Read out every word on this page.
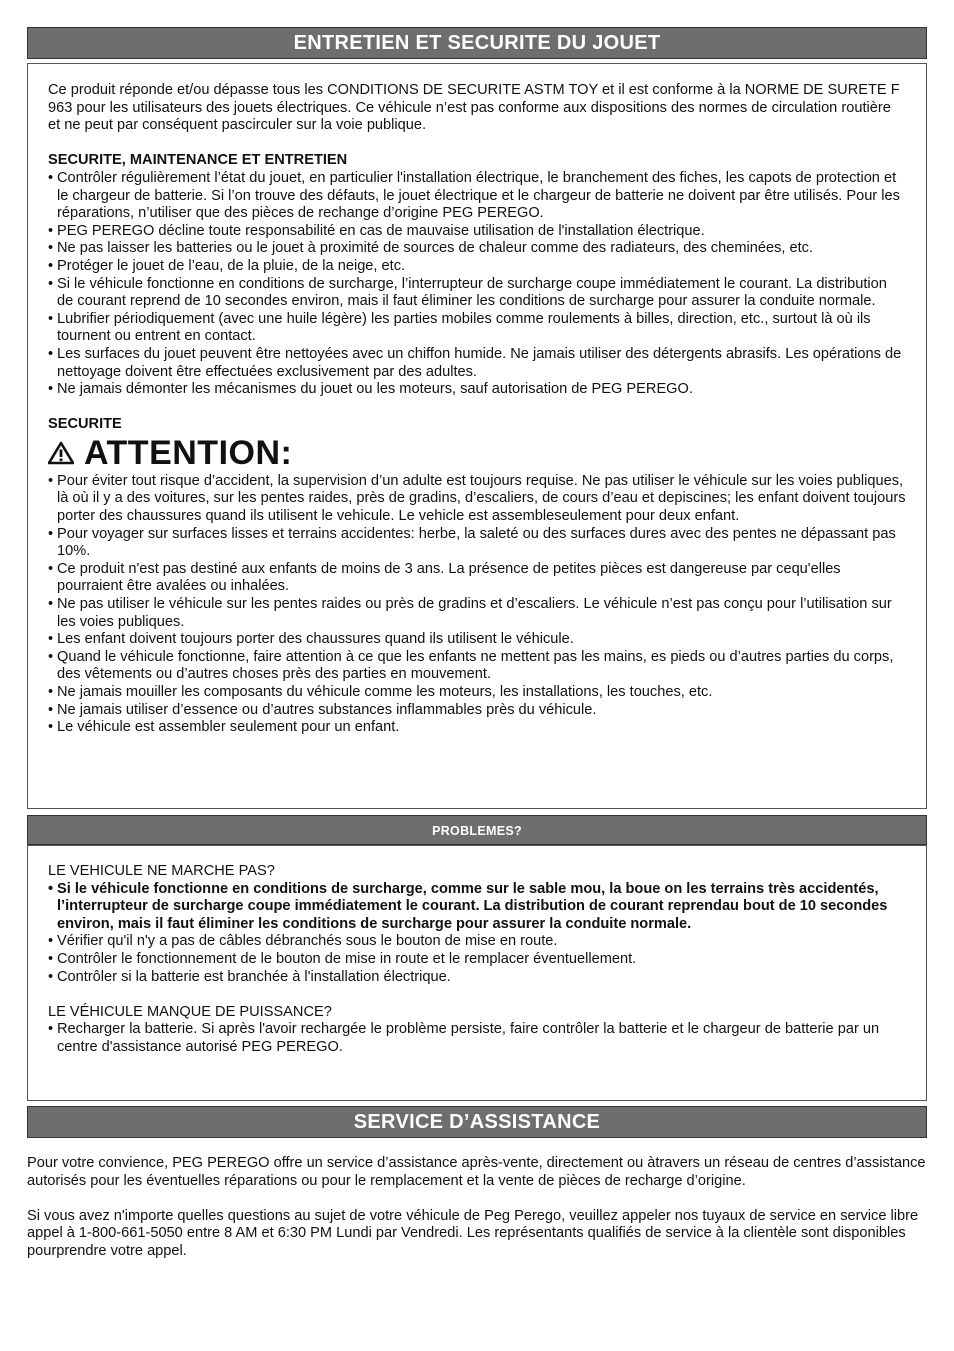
ENTRETIEN ET SECURITE DU JOUET

Ce produit réponde et/ou dépasse tous les CONDITIONS DE SECURITE ASTM TOY et il est conforme à la NORME DE SURETE F 963 pour les utilisateurs des jouets électriques. Ce véhicule n’est pas conforme aux dispositions des normes de circulation routière et ne peut par conséquent pascirculer sur la voie publique.

SECURITE, MAINTENANCE ET ENTRETIEN

• Contrôler régulièrement l’état du jouet, en particulier l'installation électrique, le branchement des fiches, les capots de protection et le chargeur de batterie. Si l’on trouve des défauts, le jouet électrique et le chargeur de batterie ne doivent par être utilisés. Pour les réparations, n’utiliser que des pièces de rechange d’origine PEG PEREGO.
• PEG PEREGO décline toute responsabilité en cas de mauvaise utilisation de l'installation électrique.
• Ne pas laisser les batteries ou le jouet à proximité de sources de chaleur comme des radiateurs, des cheminées, etc.
• Protéger le jouet de l’eau, de la pluie, de la neige, etc.
• Si le véhicule fonctionne en conditions de surcharge, l’interrupteur de surcharge coupe immédiatement le courant. La distribution de courant reprend de 10 secondes environ, mais il faut éliminer les conditions de surcharge pour assurer la conduite normale.
• Lubrifier périodiquement (avec une huile légère) les parties mobiles comme roulements à billes, direction, etc., surtout là où ils tournent ou entrent en contact.
• Les surfaces du jouet peuvent être nettoyées avec un chiffon humide. Ne jamais utiliser des détergents abrasifs. Les opérations de nettoyage doivent être effectuées exclusivement par des adultes.
• Ne jamais démonter les mécanismes du jouet ou les moteurs, sauf autorisation de PEG PEREGO.

SECURITE

ATTENTION:
• Pour éviter tout risque d’accident, la supervision d’un adulte est toujours requise. Ne pas utiliser le véhicule sur les voies publiques, là où il y a des voitures, sur les pentes raides, près de gradins, d’escaliers, de cours d’eau et depiscines; les enfant doivent toujours porter des chaussures quand ils utilisent le vehicule. Le vehicle est assembleseulement pour deux enfant.
• Pour voyager sur surfaces lisses et terrains accidentes: herbe, la saleté ou des surfaces dures avec des pentes ne dépassant pas 10%.
• Ce produit n'est pas destiné aux enfants de moins de 3 ans. La présence de petites pièces est dangereuse par cequ'elles pourraient être avalées ou inhalées.
• Ne pas utiliser le véhicule sur les pentes raides ou près de gradins et d’escaliers. Le véhicule n’est pas conçu pour l’utilisation sur les voies publiques.
• Les enfant doivent toujours porter des chaussures quand ils utilisent le véhicule.
• Quand le véhicule fonctionne, faire attention à ce que les enfants ne mettent pas les mains, es pieds ou d’autres parties du corps, des vêtements ou d’autres choses près des parties en mouvement.
• Ne jamais mouiller les composants du véhicule comme les moteurs, les installations, les touches, etc.
• Ne jamais utiliser d’essence ou d’autres substances inflammables près du véhicule.
• Le véhicule est assembler seulement pour un enfant.
PROBLEMES?

LE VEHICULE NE MARCHE PAS?

• Si le véhicule fonctionne en conditions de surcharge, comme sur le sable mou, la boue on les terrains très accidentés, l’interrupteur de surcharge coupe immédiatement le courant. La distribution de courant reprendau bout de 10 secondes environ, mais il faut éliminer les conditions de surcharge pour assurer la conduite normale.
• Vérifier qu'il n'y a pas de câbles débranchés sous le bouton de mise en route.
• Contrôler le fonctionnement de le bouton de mise in route et le remplacer éventuellement.
• Contrôler si la batterie est branchée à l'installation électrique.

LE VÉHICULE MANQUE DE PUISSANCE?

• Recharger la batterie. Si après l'avoir rechargée le problème persiste, faire contrôler la batterie et le chargeur de batterie par un centre d'assistance autorisé PEG PEREGO.
SERVICE D’ASSISTANCE

Pour votre convience, PEG PEREGO offre un service d’assistance après-vente, directement ou àtravers un réseau de centres d’assistance autorisés pour les éventuelles réparations ou pour le remplacement et la vente de pièces de recharge d’origine.

Si vous avez n'importe quelles questions au sujet de votre véhicule de Peg Perego, veuillez appeler nos tuyaux de service en service libre appel à 1-800-661-5050 entre 8 AM et 6:30 PM Lundi par Vendredi. Les représentants qualifiés de service à la clientèle sont disponibles pourprendre votre appel.
